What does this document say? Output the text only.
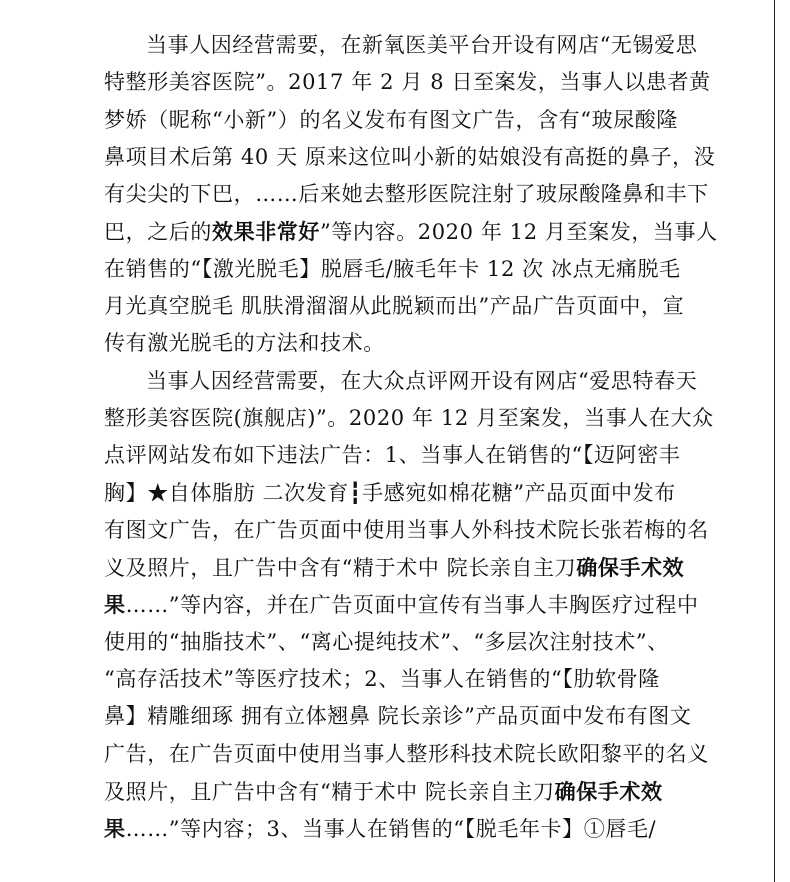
当事人因经营需要，在新氧医美平台开设有网店“无锡爱思
特整形美容医院”。2017 年 2 月 8 日至案发，当事人以患者黄
梦娇（昵称“小新”）的名义发布有图文广告，含有“玻尿酸隆
鼻项目术后第 40 天 原来这位叫小新的姑娘没有高挺的鼻子，没
有尖尖的下巴，……后来她去整形医院注射了玻尿酸隆鼻和丰下
巴，之后的效果非常好”等内容。2020 年 12 月至案发，当事人
在销售的“【激光脱毛】脱唇毛/腋毛年卡 12 次 冰点无痛脱毛
月光真空脱毛 肌肤滑溜溜从此脱颖而出”产品广告页面中，宣
传有激光脱毛的方法和技术。
当事人因经营需要，在大众点评网开设有网店“爱思特春天
整形美容医院(旗舰店)”。2020 年 12 月至案发，当事人在大众
点评网站发布如下违法广告：1、当事人在销售的“【迈阿密丰
胸】★自体脂肪 二次发育┇手感宛如棉花糖”产品页面中发布
有图文广告，在广告页面中使用当事人外科技术院长张若梅的名
义及照片，且广告中含有“精于术中 院长亲自主刀确保手术效
果……”等内容，并在广告页面中宣传有当事人丰胸医疗过程中
使用的“抽脂技术”、“离心提纯技术”、“多层次注射技术”、
“高存活技术”等医疗技术；2、当事人在销售的“【肋软骨隆
鼻】精雕细琢 拥有立体翘鼻 院长亲诊”产品页面中发布有图文
广告，在广告页面中使用当事人整形科技术院长欧阳黎平的名义
及照片，且广告中含有“精于术中 院长亲自主刀确保手术效
果……”等内容；3、当事人在销售的“【脱毛年卡】①唇毛/
